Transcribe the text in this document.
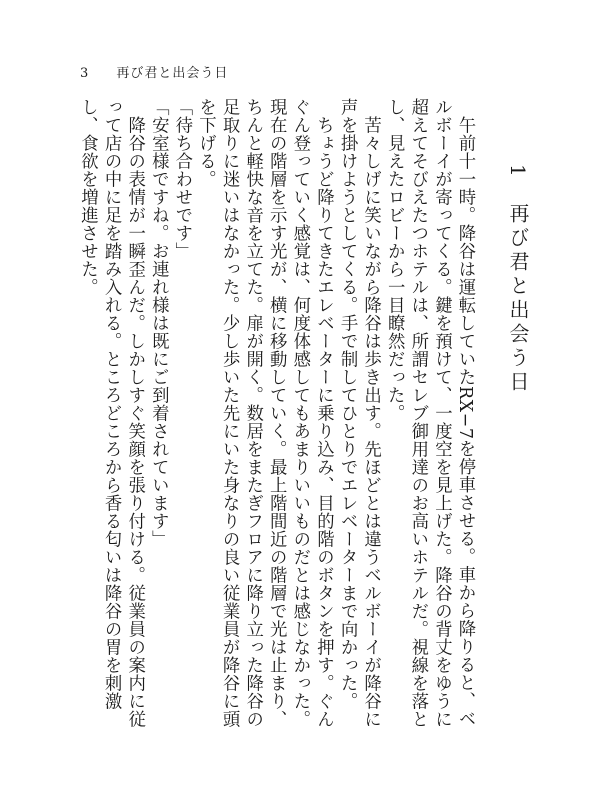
3 再び君と出会う日
1 再び君と出会う日

　午前十一時。降谷は運転していたRX−7を停車させる。車から降りると、ベルボーイが寄ってくる。鍵を預けて、一度空を見上げた。降谷の背丈をゆうに超えてそびえたつホテルは、所謂セレブ御用達のお高いホテルだ。視線を落とし、見えたロビーから一目瞭然だった。

　苦々しげに笑いながら降谷は歩き出す。先ほどとは違うベルボーイが降谷に声を掛けようとしてくる。手で制してひとりでエレベーターまで向かった。

　ちょうど降りてきたエレベーターに乗り込み、目的階のボタンを押す。ぐんぐん登っていく感覚は、何度体感してもあまりいいものだとは感じなかった。現在の階層を示す光が、横に移動していく。最上階間近の階層で光は止まり、ちんと軽快な音を立てた。扉が開く。数居をまたぎフロアに降り立った降谷の足取りに迷いはなかった。少し歩いた先にいた身なりの良い従業員が降谷に頭を下げる。

「待ち合わせです」

「安室様ですね。お連れ様は既にご到着されています」

　降谷の表情が一瞬歪んだ。しかしすぐ笑顔を張り付ける。従業員の案内に従って店の中に足を踏み入れる。ところどころから香る匂いは降谷の胃を刺激し、食欲を増進させた。
